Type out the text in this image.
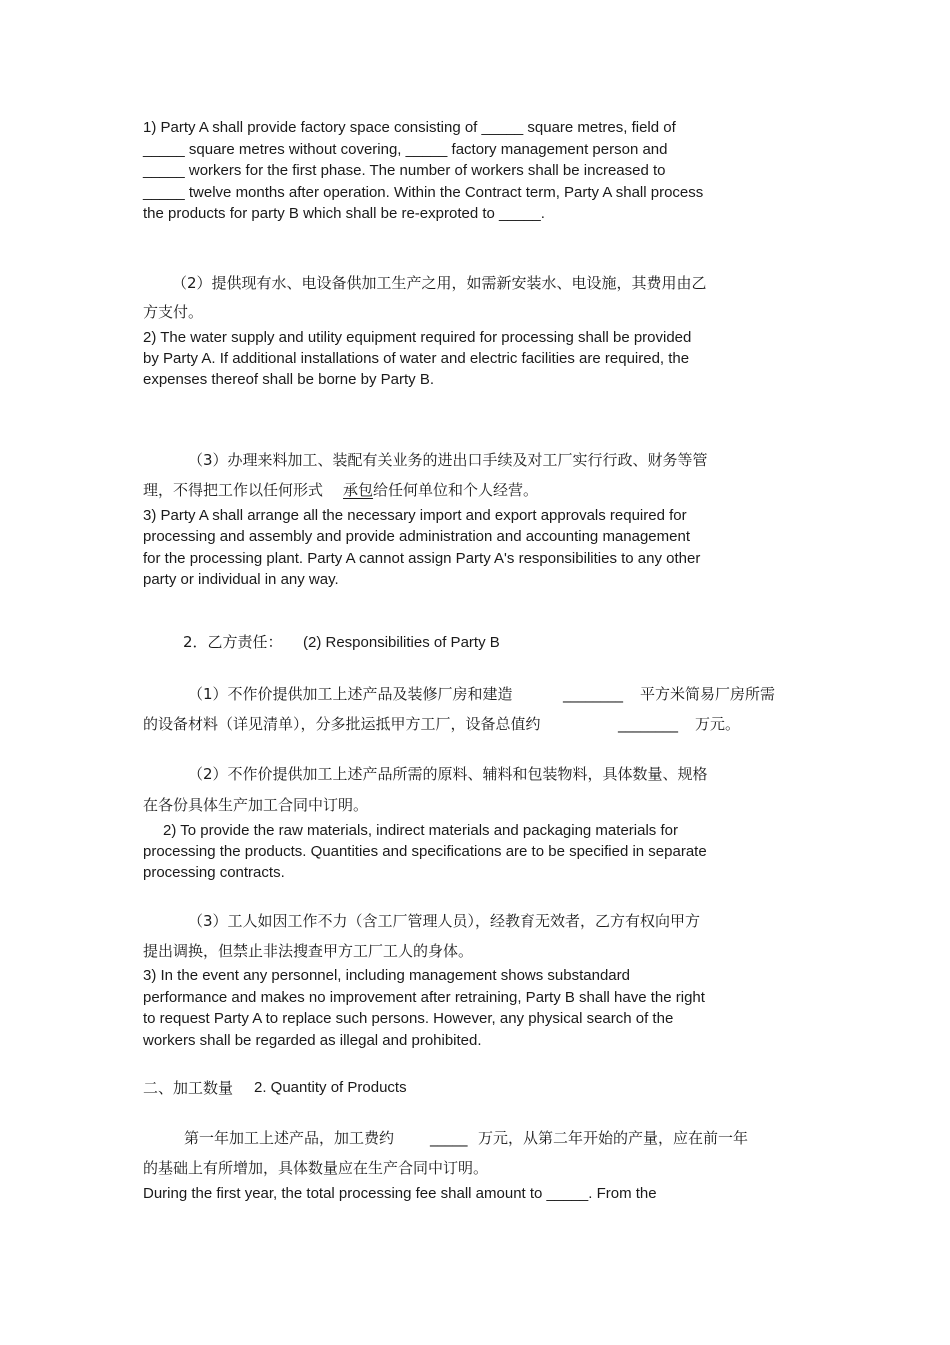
1) Party A shall provide factory space consisting of _____ square metres, field of
_____ square metres without covering, _____ factory management person and
_____ workers for the first phase. The number of workers shall be increased to
_____ twelve months after operation. Within the Contract term, Party A shall process
the products for party B which shall be re-exproted to _____.
（2）提供现有水、电设备供加工生产之用，如需新安装水、电设施，其费用由乙
方支付。
2) The water supply and utility equipment required for processing shall be provided
by Party A. If additional installations of water and electric facilities are required, the
expenses thereof shall be borne by Party B.
（3）办理来料加工、装配有关业务的进出口手续及对工厂实行行政、财务等管
理，不得把工作以任何形式 承包给任何单位和个人经营。
3) Party A shall arrange all the necessary import and export approvals required for
processing and assembly and provide administration and accounting management
for the processing plant. Party A cannot assign Party A's responsibilities to any other
party or individual in any way.
2．乙方责任： (2) Responsibilities of Party B
（1）不作价提供加工上述产品及装修厂房和建造	________ 平方米简易厂房所需
的设备材料（详见清单），分多批运抵甲方工厂，设备总值约	________ 万元。
（2）不作价提供加工上述产品所需的原料、辅料和包装物料，具体数量、规格
在各份具体生产加工合同中订明。
2) To provide the raw materials, indirect materials and packaging materials for
processing the products. Quantities and specifications are to be specified in separate
processing contracts.
（3）工人如因工作不力（含工厂管理人员），经教育无效者，乙方有权向甲方
提出调换，但禁止非法搜查甲方工厂工人的身体。
3) In the event any personnel, including management shows substandard
performance and makes no improvement after retraining, Party B shall have the right
to request Party A to replace such persons. However, any physical search of the
workers shall be regarded as illegal and prohibited.
二、加工数量 2. Quantity of Products
第一年加工上述产品，加工费约 _____ 万元，从第二年开始的产量，应在前一年
的基础上有所增加，具体数量应在生产合同中订明。
During the first year, the total processing fee shall amount to _____. From the
